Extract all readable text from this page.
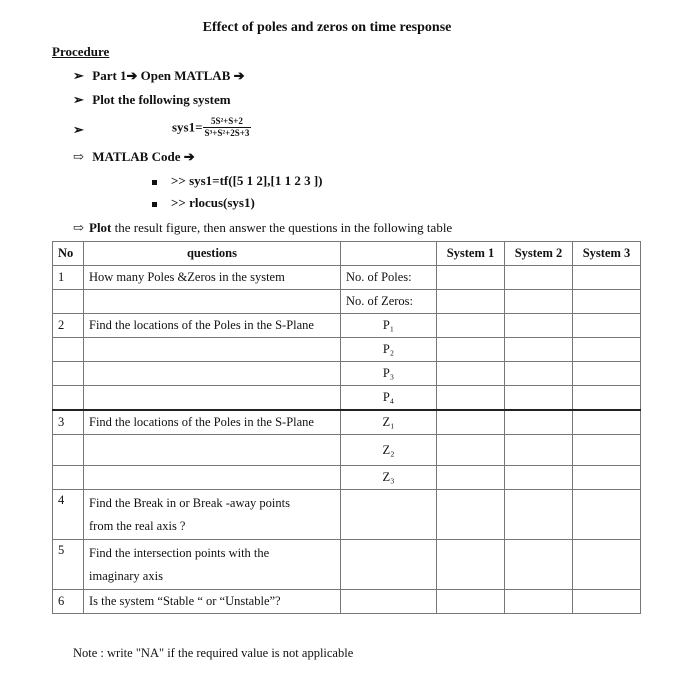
Effect of poles and zeros on time response
Procedure
➢ Part 1➔ Open MATLAB ➔
➢ Plot the following system
➢	$sys1= \frac{\text{5S²+S+2}}{\text{S³+S²+2S+3}}$
⇨ MATLAB Code ➔
>> sys1=tf([5 1 2],[1 1 2 3 ])
>> rlocus(sys1)
⇨ Plot the result figure, then answer the questions in the following table
No	questions		System 1	System 2	System 3
1	How many Poles &Zeros in the system	No. of Poles:			
		No. of Zeros:			
2	Find the locations of the Poles in the S-Plane	P₁			
		P₂			
		P₃			
		P₄			
3	Find the locations of the Poles in the S-Plane	Z₁			
		Z₂			
		Z₃			
4	Find the Break in or Break -away points
from the real axis ?				

5	Find the intersection points with the
imaginary axis				

6	Is the system “Stable “ or “Unstable”?				
Note : write "NA" if the required value is not applicable
